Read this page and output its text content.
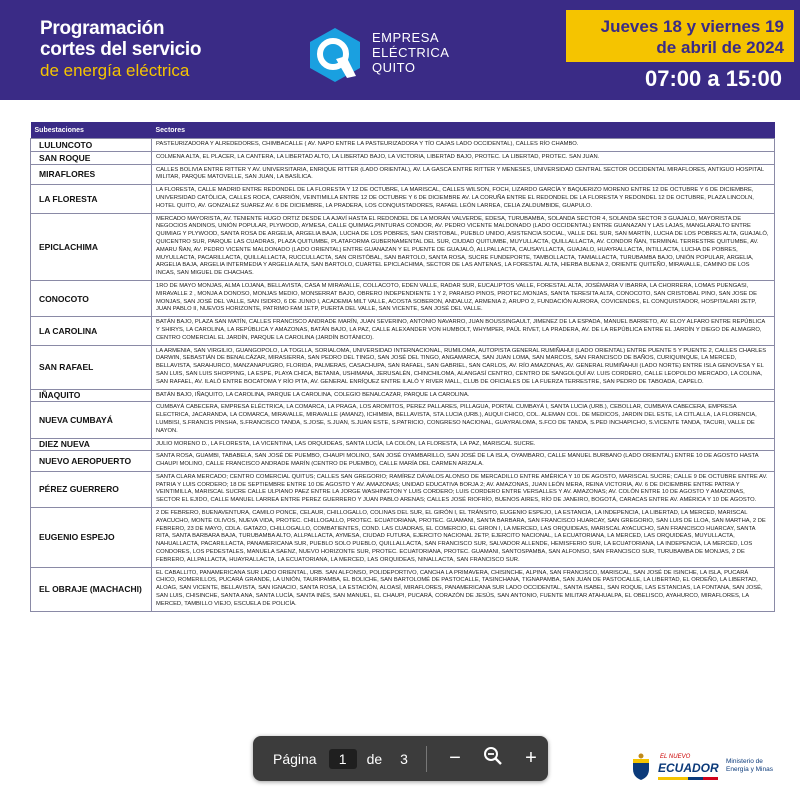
Programación
cortes del servicio
de energía eléctrica
EMPRESA
ELÉCTRICA
QUITO
Jueves 18 y viernes 19
de abril de 2024
07:00 a 15:00
Subestaciones	Sectores
LULUNCOTO	PASTEURIZADORA Y ALREDEDORES, CHIMBACALLE ( AV. NAPO ENTRE LA PASTEURIZADORA Y TÍO CAJAS LADO OCCIDENTAL), CALLES RÍO CHAMBO.
SAN ROQUE	COLMENA ALTA, EL PLACER, LA CANTERA, LA LIBERTAD ALTO, LA LIBERTAD BAJO, LA VICTORIA, LIBERTAD BAJO, PROTEC. LA LIBERTAD, PROTEC. SAN JUAN.
MIRAFLORES	CALLES BOLIVIA ENTRE RITTER Y AV. UNIVERSITARIA, ENRIQUE RITTER (LADO ORIENTAL), AV. LA GASCA ENTRE RITTER Y MENESES, UNIVERSIDAD CENTRAL SECTOR OCCIDENTAL MIRAFLORES, ANTIGUO HOSPITAL MILITAR, PARQUE MATOVELLE, SAN JUAN, LA BASÍLICA.
LA FLORESTA	LA FLORESTA, CALLE MADRID ENTRE REDONDEL DE LA FLORESTA Y 12 DE OCTUBRE, LA MARISCAL, CALLES WILSON, FOCH, LIZARDO GARCÍA Y BAQUERIZO MORENO ENTRE 12 DE OCTUBRE Y 6 DE DICIEMBRE, UNIVERSIDAD CATÓLICA, CALLES ROCA, CARRIÓN, VEINTIMILLA ENTRE 12 DE OCTUBRE Y 6 DE DICIEMBRE AV. LA CORUÑA ENTRE EL REDONDEL DE LA FLORESTA Y REDONDEL 12 DE OCTUBRE, PLAZA LINCOLN, HOTEL QUITO, AV. GONZALEZ SUAREZ AV. 6 DE DICIEMBRE, LA PRADERA, LOS CONQUISTADORES, RAFAEL LEÓN LARREA, CELIA ZALDUMBIDE, GUAPULO.
EPICLACHIMA	MERCADO MAYORISTA, AV. TENIENTE HUGO ORTIZ DESDE LA AJAVÍ HASTA EL REDONDEL DE LA MORÁN VALVERDE, EDESA, TURUBAMBA, SOLANDA SECTOR 4, SOLANDA SECTOR 3 GUAJALO, MAYORISTA DE NEGOCIOS ANDINOS, UNIÓN POPULAR, PLYWOOD, AYMESA, CALLE QUIMIAG,PINTURAS CONDOR, AV. PEDRO VICENTE MALDONADO (LADO OCCIDENTAL) ENTRE GUANAZAN Y LAS LAJAS, MANGLARALTO ENTRE QUIMIAG Y PLYWOOD, SANTA ROSA DE ARGELIA, ARGELIA BAJA, LUCHA DE LOS POBRES, SAN CRISTOBAL, PUEBLO UNIDO, ASISTENCIA SOCIAL, VALLE DEL SUR, SAN MARTÍN, LUCHA DE LOS POBRES ALTA, GUAJALÓ, QUICENTRO SUR, PARQUE LAS CUADRAS, PLAZA QUITUMBE, PLATAFORMA GUBERNAMENTAL DEL SUR, CIUDAD QUITUMBE, MUYULLACTA, QUILLALLACTA, AV. CONDOR ÑAN, TERMINAL TERRESTRE QUITUMBE, AV. AMARU ÑAN, AV. PEDRO VICENTE MALDONADO (LADO ORIENTAL) ENTRE GUANAZAN Y EL PUENTE DE GUAJALÓ, ALLPALLACTA, CAUSAYLLACTA, GUAJALO, HUAYRALLACTA, INTILLACTA, LUCHA DE POBRES, MUYULLACTA, PACARILLACTA, QUILLALLACTA, RUCCULLACTA, SAN CRISTÓBAL, SAN BARTOLO, SANTA ROSA, SUCRE FUNDEPORTE, TAMBOLLACTA, TAMIALLACTA, TURUBAMBA BAJO, UNIÓN POPULAR, ARGELIA, ARGELIA BAJA, ARGELIA INTERMEDIA Y ARGELIA ALTA, SAN BARTOLO, CUARTEL EPICLACHIMA, SECTOR DE LAS ANTENAS, LA FORESTAL ALTA, HIERBA BUENA 2, ORIENTE QUITEÑO, MIRAVALLE, CAMINO DE LOS INCAS, SAN MIGUEL DE CHACHAS.
CONOCOTO	1RO DE MAYO MONJAS, ALMA LOJANA, BELLAVISTA, CASA M MIRAVALLE, COLLACOTO, EDEN VALLE, RADAR SUR, EUCALIPTOS VALLE, FORESTAL ALTA, JOSÉMARIA V IBARRA, LA CHORRERA, LOMAS PUENGASI, MIRAVALLE 2 , MONJA A DONOSO, MONJAS MEDIO, MONSERRAT BAJO, OBRERO INDEPENDIENTE 1 Y 2, PARAISO PINOS, PROTEC.MONJAS, SANTA TERESITA ALTA, CONOCOTO, SAN CRISTOBAL PINO, SAN JOSE DE MONJAS, SAN JOSÉ DEL VALLE, SAN ISIDRO, 6 DE JUNIO I, ACADEMIA MILT VALLE, ACOSTA SOBERON, ANDALUZ, ARMENIA 2, ARUPO 2, FUNDACIÓN AURORA, COVICENDES, EL CONQUISTADOR, HOSPITALARI 2ETP, JUAN PABLO II, NUEVOS HORIZONTE, PATRIMO FAM 1ETP, PUERTA DEL VALLE, SAN VICENTE, SAN JOSÉ DEL VALLE.
LA CAROLINA	BATÁN BAJO, PLAZA SAN MATÍN, CALLES FRANCISCO ANDRADE MARÍN, JUAN SEVERINO, ANTONIO NAVARRO, JUAN BOUSSINGAULT, JIMENEZ DE LA ESPADA, MANUEL BARRETO, AV. ELOY ALFARO ENTRE REPÚBLICA Y SHIRYS, LA CAROLINA, LA REPÚBLICA Y AMAZONAS, BATÁN BAJO, LA PAZ, CALLE ALEXANDER VON HUMBOLT, WHYMPER, PAÚL RIVET, LA PRADERA, AV. DE LA REPÚBLICA ENTRE EL JARDÍN Y DIEGO DE ALMAGRO, CENTRO COMERCIAL EL JARDÍN, PARQUE LA CAROLINA (JARDÍN BOTÁNICO).
SAN RAFAEL	LA ARMENIA, SAN VIRGILIO, GUANGOPOLO, LA TOGLLA, SORIALOMA, UNIVERSIDAD INTERNACIONAL, RUMILOMA, AUTOPISTA GENERAL RUMIÑAHUI (LADO ORIENTAL) ENTRE PUENTE 5 Y PUENTE 2, CALLES CHARLES DARWIN, SEBASTIÁN DE BENALCÁZAR, MIRASIERRA, SAN PEDRO DEL TINGO, SAN JOSÉ DEL TINGO, ANGAMARCA, SAN JUAN LOMA, SAN MARCOS, SAN FRANCISCO DE BAÑOS, CURIQUINQUE, LA MERCED, BELLAVISTA, SARAHURCO, MANZANAPUGRO, FLORIDA, PALMERAS, CASACHUPA, SAN RAFAEL, SAN GABRIEL, SAN CARLOS, AV. RÍO AMAZONAS, AV. GENERAL RUMIÑAHUI (LADO NORTE) ENTRE ISLA GENOVESA Y EL SAN LUIS, SAN LUIS SHOPPING, LA ESPE, PLAYA CHICA, BETANIA, USHIMANA, JERUSALÉN, CHINCHILOMA, ALANGASÍ CENTRO, CENTRO DE SANGOLQUÍ AV. LUIS CORDERO, CALLE LEOPOLDO MERCADO, LA COLINA, SAN RAFAEL, AV. ILALÓ ENTRE BOCATOMA Y RÍO PITA, AV. GENERAL ENRÍQUEZ ENTRE ILALÓ Y RIVER MALL, CLUB DE OFICIALES DE LA FUERZA TERRESTRE, SAN PEDRO DE TABOADA, CAPELO.
IÑAQUITO	BATÁN BAJO, IÑAQUITO, LA CAROLINA, PARQUE LA CAROLINA, COLEGIO BENALCAZAR, PARQUE LA CAROLINA.
NUEVA CUMBAYÁ	CUMBAYÁ CABECERA, EMPRESA ELÉCTRICA, LA COMARCA, LA PRAGA, LOS AROMITOS, PEREZ PALLARES, PILLAGUA, PORTAL CUMBAYÁ I, SANTA LUCIA (URB.), CEBOLLAR, CUMBAYA CABECERA, EMPRESA ELECTRICA, JACARANDA, LA COMARCA, MIRAVALLE, MIRAVALLE (AMANZ), ICHIMBIA, BELLAVISTA, STA.LUCIA (URB.), AUQUI CHICO, COL. ALEMAN COL. DE MEDICOS, JARDIN DEL ESTE, LA CITLALLA, LA FLORENCIA, LUMBISI, S.FRANCIS PINSHA, S.FRANCISCO TANDA, S.JOSE, S.JUAN, S.JUAN ESTE, S.PATRICIO, CONGRESO NACIONAL, GUAYRALOMA, S.FCO DE TANDA, S.PED INCHAPICHO, S.VICENTE TANDA, TACURI, VALLE DE NAYON.
DIEZ NUEVA	JULIO MORENO D., LA FLORESTA, LA VICENTINA, LAS ORQUIDEAS, SANTA LUCÍA, LA COLÓN, LA FLORESTA, LA PAZ, MARISCAL SUCRE.
NUEVO AEROPUERTO	SANTA ROSA, GUAMBI, TABABELA, SAN JOSÉ DE PUEMBO, CHAUPI MOLINO, SAN JOSÉ OYAMBARILLO, SAN JOSÉ DE LA ISLA, OYAMBARO, CALLE MANUEL BURBANO (LADO ORIENTAL) ENTRE 10 DE AGOSTO HASTA CHAUPI MOLINO, CALLE FRANCISCO ANDRADE MARÍN (CENTRO DE PUEMBO), CALLE MARÍA DEL CARMEN ARIZALA.
PÉREZ GUERRERO	SANTA CLARA MERCADO; CENTRO COMERCIAL QUITUS; CALLES SAN GREGORIO; RAMÍREZ DÁVALOS ALONSO DE MERCADILLO ENTRE AMÉRICA Y 10 DE AGOSTO, MARISCAL SUCRE; CALLE 9 DE OCTUBRE ENTRE AV. PATRIA Y LUIS CORDERO; 18 DE SEPTIEMBRE ENTRE 10 DE AGOSTO Y AV. AMAZONAS; UNIDAD EDUCATIVA BORJA 2; AV. AMAZONAS, JUAN LEÓN MERA, REINA VICTORIA, AV. 6 DE DICIEMBRE ENTRE PATRIA Y VEINTIMILLA, MARISCAL SUCRE CALLE ULPIANO PAEZ ENTRE LA JORGE WASHINGTON Y LUIS CORDERO; LUIS CORDERO ENTRE VERSALLES Y AV. AMAZONAS; AV. COLÓN ENTRE 10 DE AGOSTO Y AMAZONAS, SECTOR EL EJIDO, CALLE MANUEL LARREA ENTRE PEREZ GUERRERO Y JUAN PABLO ARENAS; CALLES JOSÉ RIOFRÍO, BUENOS AIRES, RÍO DE JANEIRO, BOGOTÁ, CARACAS ENTRE AV. AMÉRICA Y 10 DE AGOSTO.
EUGENIO ESPEJO	2 DE FEBRERO, BUENAVENTURA, CAMILO PONCE, CELAUR, CHILLOGALLO, COLINAS DEL SUR, EL GIRÓN I, EL TRÁNSITO, EUGENIO ESPEJO, LA ESTANCIA, LA INDEPENCIA, LA LIBERTAD, LA MERCED, MARISCAL AYACUCHO, MONTE OLIVOS, NUEVA VIDA, PROTEC. CHILLOGALLO, PROTEC. ECUATORIANA, PROTEC. GUAMANI, SANTA BARBARA, SAN FRANCISCO HUARCAY, SAN GREGORIO, SAN LUIS DE LLOA, SAN MARTHA, 2 DE FEBRERO, 23 DE MAYO, CDLA. GATAZO, CHILLOGALLO, COMBATIENTES, COND. LAS CUADRAS, EL COMERCIO, EL GIRON I, LA MERCED, LAS ORQUIDEAS, MARISCAL AYACUCHO, SAN FRANCISCO HUARCAY, SANTA RITA, SANTA BARBARA BAJA, TURUBAMBA ALTO, ALLPALLACTA, AYMESA, CIUDAD FUTURA, EJERCITO NACIONAL 2ETP, EJERCITO NACIONAL, LA ECUATORIANA, LA MERCED, LAS ORQUIDEAS, MUYULLACTA, NAHUALLACTA, PACARILLACTA, PANAMERICANA SUR, PUEBLO SOLO PUEBLO, QUILLALLACTA, SAN FRANCISCO SUR, SALVADOR ALLENDE, HEMISFERIO SUR, LA ECUATORIANA, LA INDEPENCIA, LA MERCED, LOS CONDORES, LOS PEDESTALES, MANUELA SAENZ, NUEVO HORIZONTE SUR, PROTEC. ECUATORIANA, PROTEC. GUAMANI, SANTOSPAMBA, SAN ALFONSO, SAN FRANCISCO SUR, TURUBAMBA DE MONJAS, 2 DE FEBRERO, ALLPALLACTA, HUAYRALLACTA, LA ECUATORIANA, LA MERCED, LAS ORQUIDEAS, NINALLACTA, SAN FRANCISCO SUR.
EL OBRAJE (MACHACHI)	EL CABALLITO, PANAMERICANA SUR LADO ORIENTAL, URB. SAN ALFONSO, POLIDEPORTIVO, CANCHA LA PRIMAVERA, CHISINCHE, ALPINA, SAN FRANCISCO, MARISCAL, SAN JOSÉ DE ISINCHE, LA ISLA, PUCARÁ CHICO, ROMERILLOS, PUCARÁ GRANDE, LA UNIÓN, TAURIPAMBA, EL BOLICHE, SAN BARTOLOMÉ DE PASTOCALLE, TASINCHANA, TIGNAPAMBA, SAN JUAN DE PASTOCALLE, LA LIBERTAD, EL ORDEÑO, LA LIBERTAD, ALOAG, SAN VICENTE, BELLAVISTA, SAN IGNACIO, SANTA ROSA, LA ESTACIÓN, ALOASÍ, MIRAFLORES, PANAMERICANA SUR LADO OCCIDENTAL, SANTA ISABEL, SAN ROQUE, LAS ESTANCIAS, LA FONTANA, SAN JOSÉ, SAN LUIS, CHISINCHE, SANTA ANA, SANTA LUCÍA, SANTA INÉS, SAN MANUEL, EL CHAUPI, PUCARÁ, CORAZÓN DE JESÚS, SAN ANTONIO, FUENTE MILITAR ATAHUALPA, EL OBELISCO, AYAHURCO, MIRAFLORES, LA MERCED, TAMBILLO VIEJO, ESCUELA DE POLICÍA.
Página	1	de 3 −	+	EL NUEVO
ECUADOR Ministerio de
Energía y Minas
